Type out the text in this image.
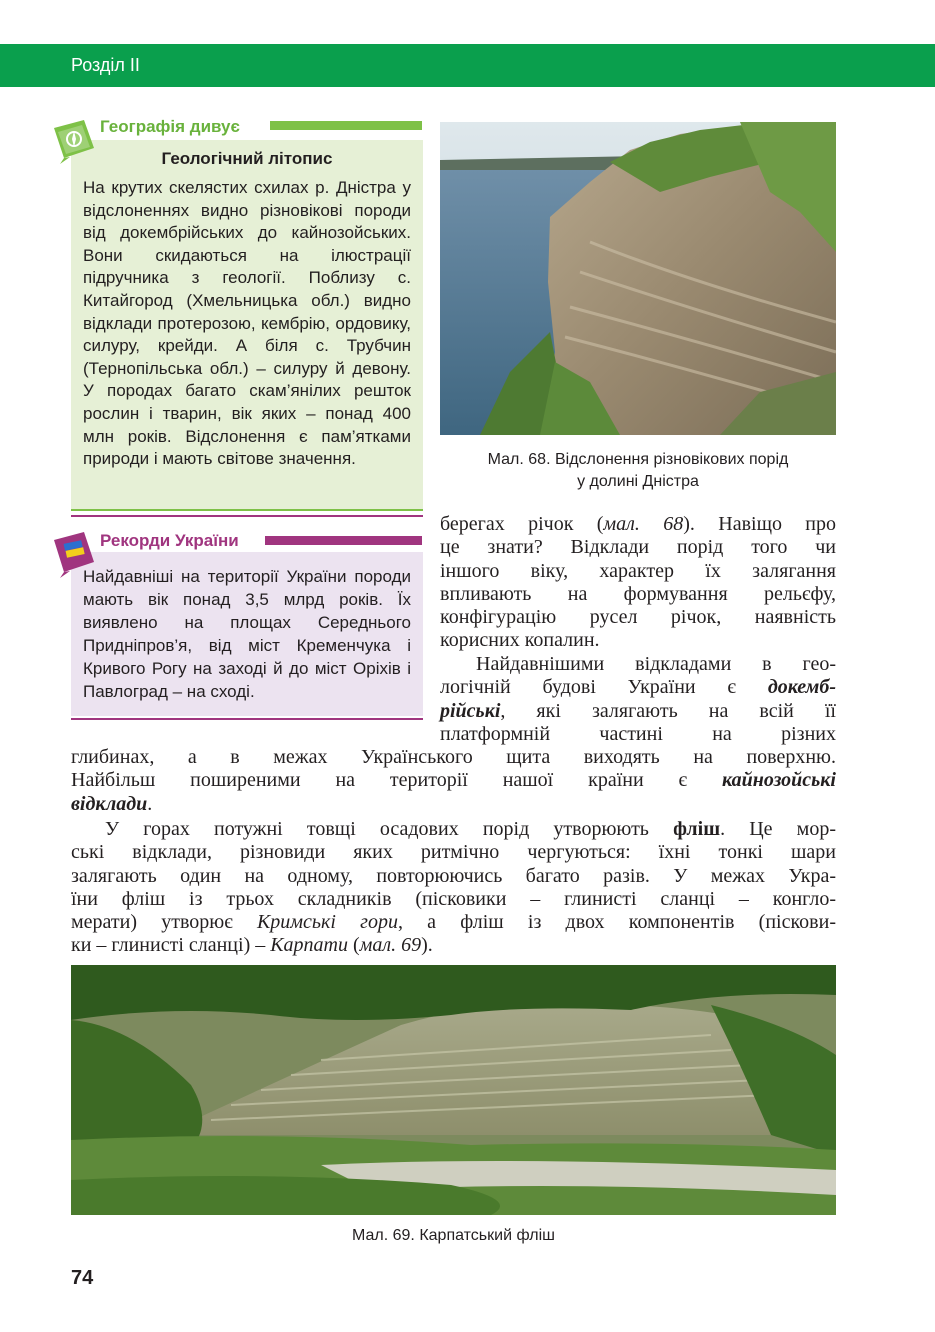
Розділ II
Географія дивує
Геологічний літопис
На крутих скелястих схилах р. Дністра у відслоненнях видно різновікові породи від докембрійських до кайнозойських. Вони скидаються на ілюстрації підручника з геології. Поблизу с. Китайгород (Хмельницька обл.) видно відклади протерозою, кембрію, ордовику, силуру, крейди. А біля с. Трубчин (Тернопільська обл.) – силуру й девону. У породах багато скам’янілих решток рослин і тварин, вік яких – понад 400 млн років. Відслонення є пам’ятками природи і мають світове значення.
Рекорди України
Найдавніші на території України породи мають вік понад 3,5 млрд років. Їх виявлено на площах Середнього Придніпров’я, від міст Кременчука і Кривого Рогу на заході й до міст Оріхів і Павлоград – на сході.
Мал. 68. Відслонення різновікових порід
у долині Дністра
берегах річок (мал. 68). Навіщо про
це знати? Відклади порід того чи
іншого віку, характер їх залягання
впливають на формування рельєфу,
конфігурацію русел річок, наявність
корисних копалин.
Найдавнішими відкладами в гео-
логічній будові України є докемб-
рійські, які залягають на всій її
платформній частині на різних
глибинах, а в межах Українського щита виходять на поверхню.
Найбільш поширеними на території нашої країни є кайнозойські
відклади.
У горах потужні товщі осадових порід утворюють фліш. Це мор-
ські відклади, різновиди яких ритмічно чергуються: їхні тонкі шари
залягають один на одному, повторюючись багато разів. У межах Укра-
їни фліш із трьох складників (пісковики – глинисті сланці – конгло-
мерати) утворює Кримські гори, а фліш із двох компонентів (піскови-
ки – глинисті сланці) – Карпати (мал. 69).
Мал. 69. Карпатський фліш
74
